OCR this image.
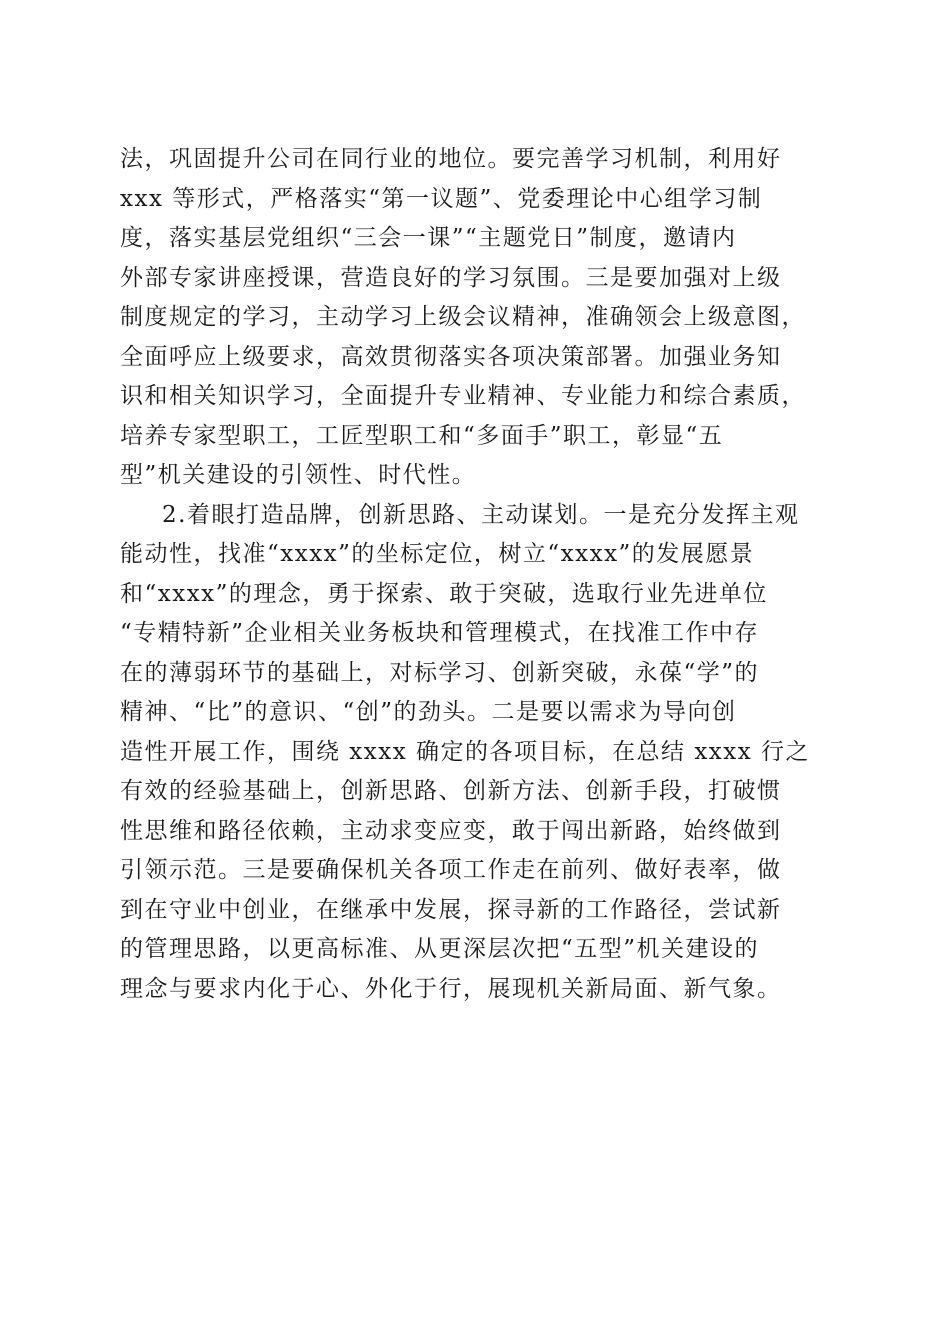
法，巩固提升公司在同行业的地位。要完善学习机制，利用好
xxx 等形式，严格落实“第一议题”、党委理论中心组学习制
度，落实基层党组织“三会一课”“主题党日”制度，邀请内
外部专家讲座授课，营造良好的学习氛围。三是要加强对上级
制度规定的学习，主动学习上级会议精神，准确领会上级意图，
全面呼应上级要求，高效贯彻落实各项决策部署。加强业务知
识和相关知识学习，全面提升专业精神、专业能力和综合素质，
培养专家型职工，工匠型职工和“多面手”职工，彰显“五
型”机关建设的引领性、时代性。
2.着眼打造品牌，创新思路、主动谋划。一是充分发挥主观
能动性，找准“xxxx”的坐标定位，树立“xxxx”的发展愿景
和“xxxx”的理念，勇于探索、敢于突破，选取行业先进单位
“专精特新”企业相关业务板块和管理模式，在找准工作中存
在的薄弱环节的基础上，对标学习、创新突破，永葆“学”的
精神、“比”的意识、“创”的劲头。二是要以需求为导向创
造性开展工作，围绕 xxxx 确定的各项目标，在总结 xxxx 行之
有效的经验基础上，创新思路、创新方法、创新手段，打破惯
性思维和路径依赖，主动求变应变，敢于闯出新路，始终做到
引领示范。三是要确保机关各项工作走在前列、做好表率，做
到在守业中创业，在继承中发展，探寻新的工作路径，尝试新
的管理思路，以更高标准、从更深层次把“五型”机关建设的
理念与要求内化于心、外化于行，展现机关新局面、新气象。
